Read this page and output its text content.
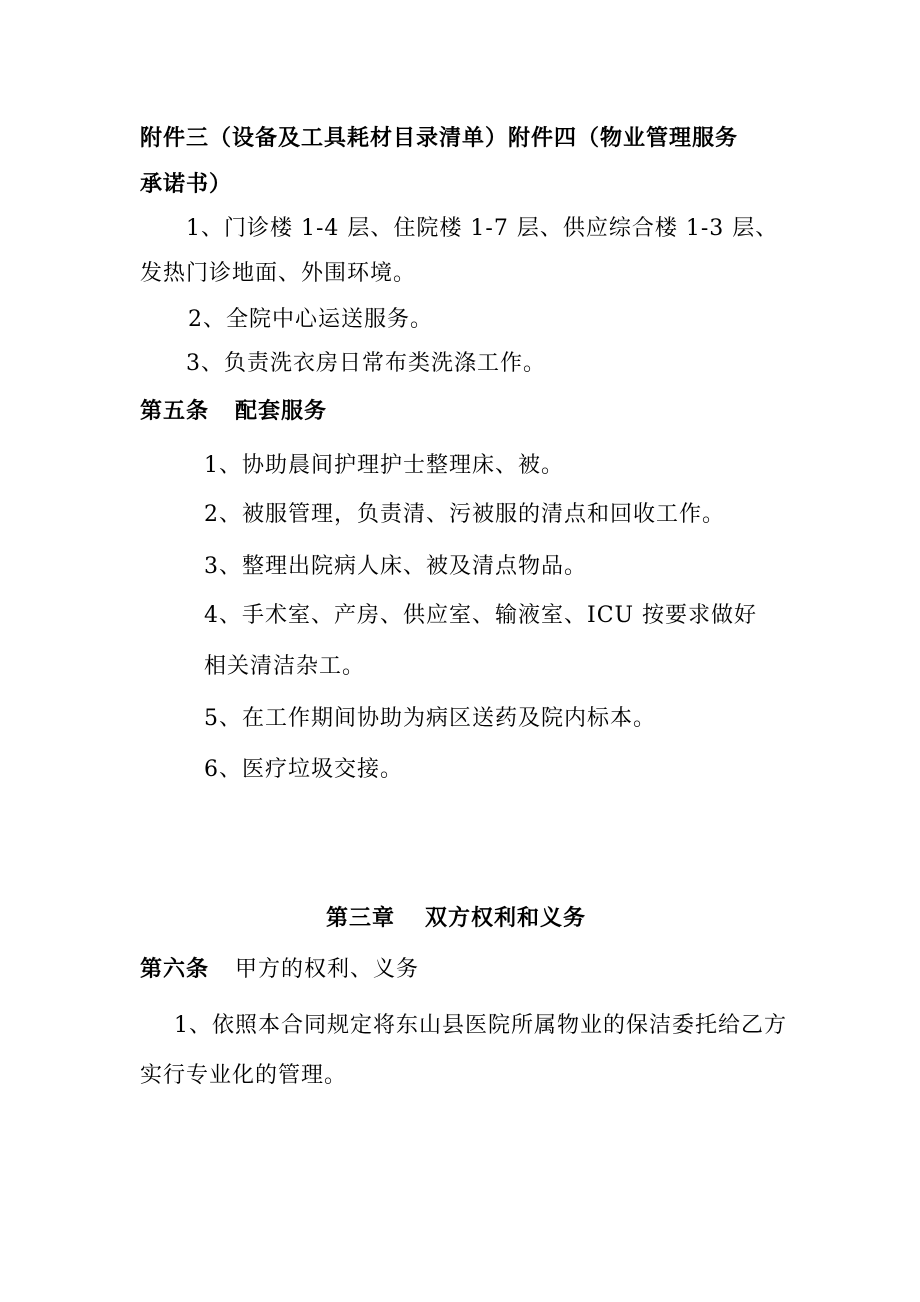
附件三（设备及工具耗材目录清单）附件四（物业管理服务
承诺书）
1、门诊楼 1-4 层、住院楼 1-7 层、供应综合楼 1-3 层、
发热门诊地面、外围环境。
2、全院中心运送服务。
3、负责洗衣房日常布类洗涤工作。
第五条 配套服务
1、协助晨间护理护士整理床、被。
2、被服管理，负责清、污被服的清点和回收工作。
3、整理出院病人床、被及清点物品。
4、手术室、产房、供应室、输液室、ICU 按要求做好
相关清洁杂工。
5、在工作期间协助为病区送药及院内标本。
6、医疗垃圾交接。
第三章 双方权利和义务
第六条 甲方的权利、义务
1、依照本合同规定将东山县医院所属物业的保洁委托给乙方
实行专业化的管理。
